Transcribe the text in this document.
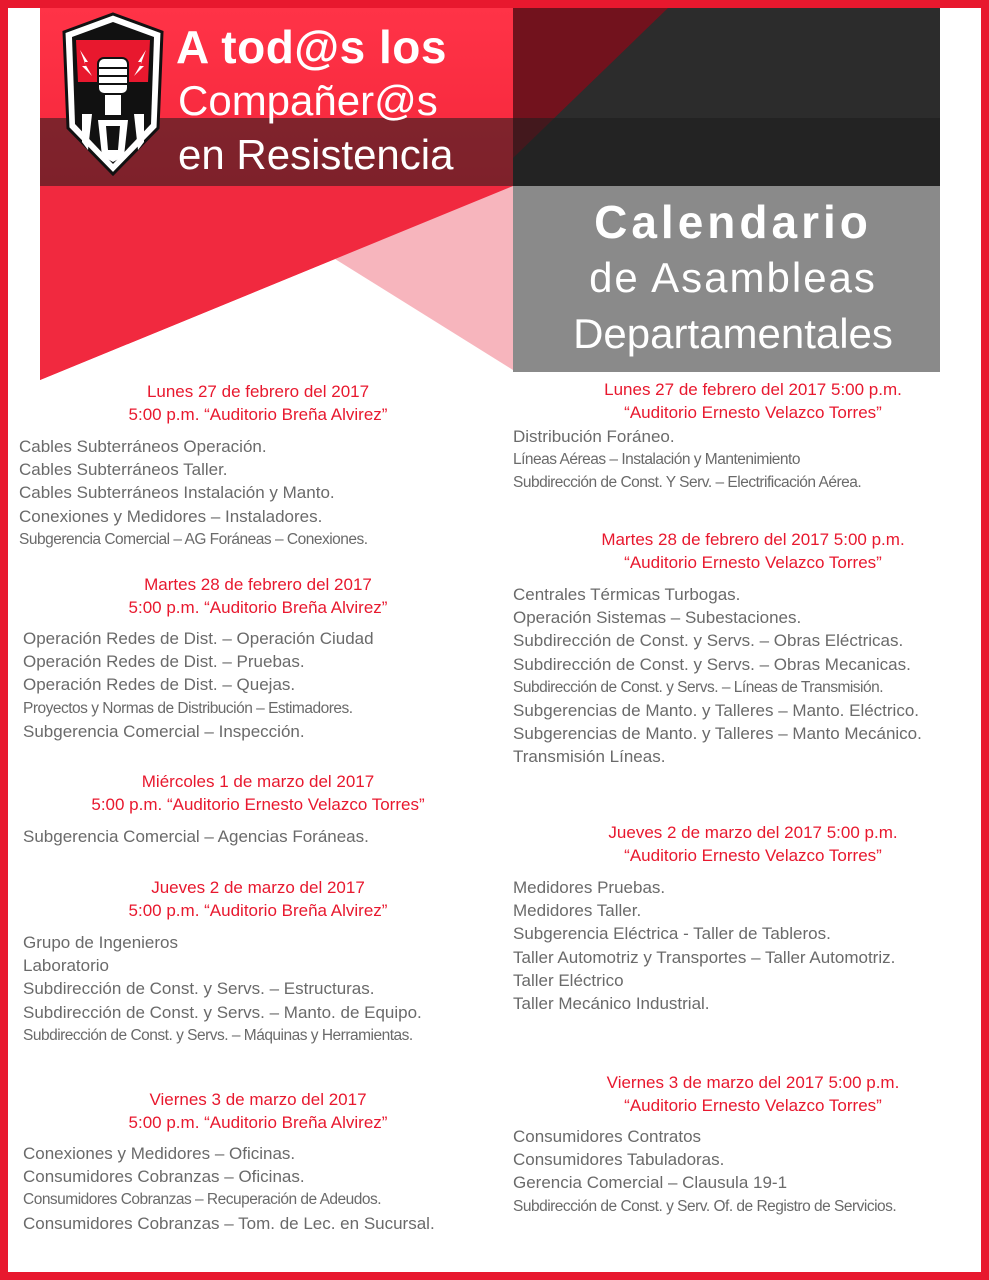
A tod@s los
Compañer@s
en Resistencia
Calendario
de Asambleas
Departamentales
Lunes 27 de febrero del 2017
5:00 p.m. “Auditorio Breña Alvirez”
Cables Subterráneos Operación.
Cables Subterráneos Taller.
Cables Subterráneos Instalación y Manto.
Conexiones y Medidores – Instaladores.
Subgerencia Comercial – AG Foráneas – Conexiones.
Martes 28 de febrero del 2017
5:00 p.m. “Auditorio Breña Alvirez”
Operación Redes de Dist. – Operación Ciudad
Operación Redes de Dist. – Pruebas.
Operación Redes de Dist. – Quejas.
Proyectos y Normas de Distribución – Estimadores.
Subgerencia Comercial – Inspección.
Miércoles 1 de marzo del 2017
5:00 p.m. “Auditorio Ernesto Velazco Torres”
Subgerencia Comercial – Agencias Foráneas.
Jueves 2 de marzo del 2017
5:00 p.m. “Auditorio Breña Alvirez”
Grupo de Ingenieros
Laboratorio
Subdirección de Const. y Servs. – Estructuras.
Subdirección de Const. y Servs. – Manto. de Equipo.
Subdirección de Const. y Servs. – Máquinas y Herramientas.
Viernes 3 de marzo del 2017
5:00 p.m. “Auditorio Breña Alvirez”
Conexiones y Medidores – Oficinas.
Consumidores Cobranzas – Oficinas.
Consumidores Cobranzas – Recuperación de Adeudos.
Consumidores Cobranzas – Tom. de Lec. en Sucursal.
Lunes 27 de febrero del 2017 5:00 p.m.
“Auditorio Ernesto Velazco Torres”
Distribución Foráneo.
Líneas Aéreas – Instalación y Mantenimiento
Subdirección de Const. Y Serv. – Electrificación Aérea.
Martes 28 de febrero del 2017 5:00 p.m.
“Auditorio Ernesto Velazco Torres”
Centrales Térmicas Turbogas.
Operación Sistemas – Subestaciones.
Subdirección de Const. y Servs. – Obras Eléctricas.
Subdirección de Const. y Servs. – Obras Mecanicas.
Subdirección de Const. y Servs. – Líneas de Transmisión.
Subgerencias de Manto. y Talleres – Manto. Eléctrico.
Subgerencias de Manto. y Talleres – Manto Mecánico.
Transmisión Líneas.
Jueves 2 de marzo del 2017 5:00 p.m.
“Auditorio Ernesto Velazco Torres”
Medidores Pruebas.
Medidores Taller.
Subgerencia Eléctrica - Taller de Tableros.
Taller Automotriz y Transportes – Taller Automotriz.
Taller Eléctrico
Taller Mecánico Industrial.
Viernes 3 de marzo del 2017 5:00 p.m.
“Auditorio Ernesto Velazco Torres”
Consumidores Contratos
Consumidores Tabuladoras.
Gerencia Comercial – Clausula 19-1
Subdirección de Const. y Serv. Of. de Registro de Servicios.
